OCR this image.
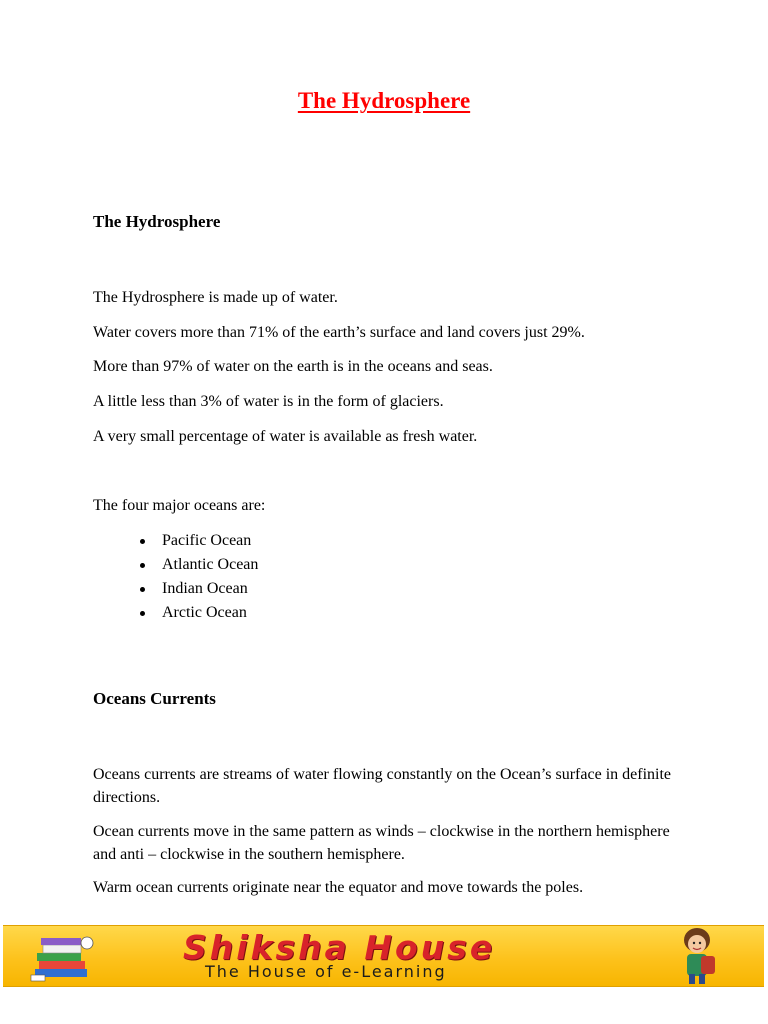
The Hydrosphere
The Hydrosphere
The Hydrosphere is made up of water.
Water covers more than 71% of the earth’s surface and land covers just 29%.
More than 97% of water on the earth is in the oceans and seas.
A little less than 3% of water is in the form of glaciers.
A very small percentage of water is available as fresh water.
The four major oceans are:
Pacific Ocean
Atlantic Ocean
Indian Ocean
Arctic Ocean
Oceans Currents
Oceans currents are streams of water flowing constantly on the Ocean’s surface in definite directions.
Ocean currents move in the same pattern as winds – clockwise in the northern hemisphere and anti – clockwise in the southern hemisphere.
Warm ocean currents originate near the equator and move towards the poles.
Shiksha House
The House of e-Learning
